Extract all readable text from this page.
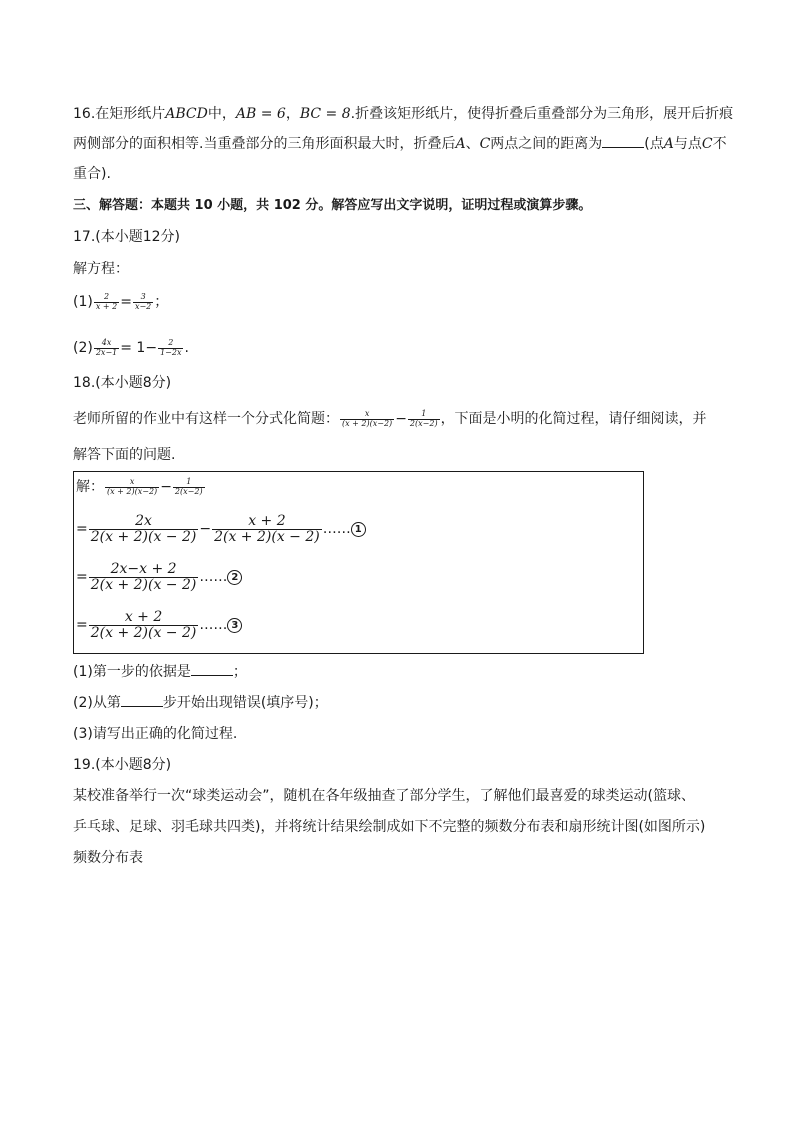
16.在矩形纸片ABCD中，AB = 6，BC = 8.折叠该矩形纸片，使得折叠后重叠部分为三角形，展开后折痕
两侧部分的面积相等.当重叠部分的三角形面积最大时，折叠后A、C两点之间的距离为	(点A与点C不
重合).
三、解答题：本题共 10 小题，共 102 分。解答应写出文字说明，证明过程或演算步骤。
17.(本小题12分)
解方程：
$(1) \frac{2}{x + 2} = \frac{3}{x-2}$ ；
$(2) \frac{4x}{2x-1} = 1- \frac{2}{1-2x}$ .
18.(本小题8分)
老师所留的作业中有这样一个分式化简题： $\frac{x}{(x + 2)(x-2)} - \frac{1}{2(x-2)}$ ，下面是小明的化简过程，请仔细阅读，并
解答下面的问题.
解： $\frac{x}{(x + 2)(x-2)} - \frac{1}{2(x-2)}$
= $\frac{2x}{2(x + 2)(x - 2)} - \frac{x + 2}{2(x + 2)(x - 2)}$ …… 1
= $\frac{2x-x + 2}{2(x + 2)(x - 2)}$ …… 2
= $\frac{x + 2}{2(x + 2)(x - 2)}$ …… 3
(1)第一步的依据是	；
(2)从第	步开始出现错误(填序号)；
(3)请写出正确的化简过程.
19.(本小题8分)
某校准备举行一次“球类运动会”，随机在各年级抽查了部分学生，了解他们最喜爱的球类运动(篮球、
乒乓球、足球、羽毛球共四类)，并将统计结果绘制成如下不完整的频数分布表和扇形统计图(如图所示)
频数分布表
